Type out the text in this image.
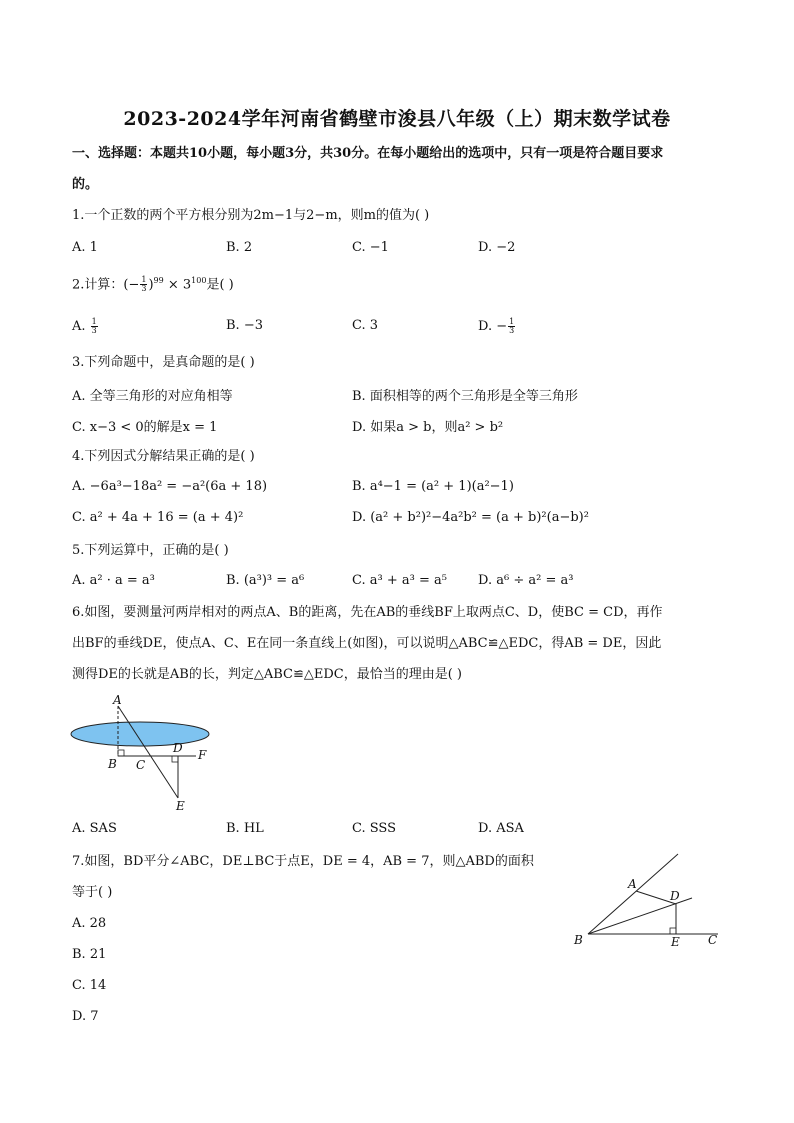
2023-2024学年河南省鹤壁市浚县八年级（上）期末数学试卷
一、选择题：本题共10小题，每小题3分，共30分。在每小题给出的选项中，只有一项是符合题目要求
的。
1.一个正数的两个平方根分别为2m−1与2−m，则m的值为( )
A. 1	B. 2	C. −1	D. −2
2.计算：(− $\frac{1}{3} )^{99} \times 3^{100}$是( )
A. $\frac{1}{3}$	B. −3	C. 3	D. − $\frac{1}{3}$
3.下列命题中，是真命题的是( )
A. 全等三角形的对应角相等	B. 面积相等的两个三角形是全等三角形
C. x−3 < 0的解是x = 1	D. 如果a > b，则a² > b²
4.下列因式分解结果正确的是( )
A. −6a³−18a² = −a²(6a + 18)	B. a⁴−1 = (a² + 1)(a²−1)
C. a² + 4a + 16 = (a + 4)²	D. (a² + b²)²−4a²b² = (a + b)²(a−b)²
5.下列运算中，正确的是( )
A. a² · a = a³	B. (a³)³ = a⁶	C. a³ + a³ = a⁵ D. a⁶ ÷ a² = a³
6.如图，要测量河两岸相对的两点A、B的距离，先在AB的垂线BF上取两点C、D，使BC = CD，再作
出BF的垂线DE，使点A、C、E在同一条直线上(如图)，可以说明△ABC≌△EDC，得AB = DE，因此
测得DE的长就是AB的长，判定△ABC≌△EDC，最恰当的理由是( )
A
B C
D F
E
A. SAS	B. HL	C. SSS	D. ASA
7.如图，BD平分∠ABC，DE⊥BC于点E，DE = 4，AB = 7，则△ABD的面积
等于( )
A. 28
B. 21
C. 14
D. 7
A
D
B	E C
